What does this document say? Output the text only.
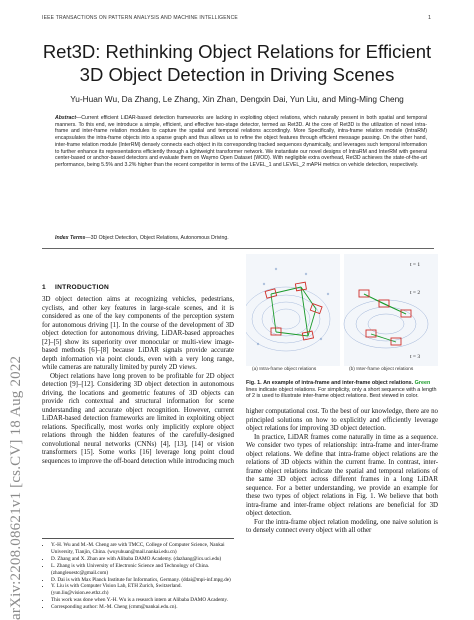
IEEE TRANSACTIONS ON PATTERN ANALYSIS AND MACHINE INTELLIGENCE	1
Ret3D: Rethinking Object Relations for Efficient
3D Object Detection in Driving Scenes
Yu-Huan Wu, Da Zhang, Le Zhang, Xin Zhan, Dengxin Dai, Yun Liu, and Ming-Ming Cheng
Abstract—Current efficient LiDAR-based detection frameworks are lacking in exploiting object relations, which naturally present in both spatial and temporal manners. To this end, we introduce a simple, efficient, and effective two-stage detector, termed as Ret3D. At the core of Ret3D is the utilization of novel intra-frame and inter-frame relation modules to capture the spatial and temporal relations accordingly. More Specifically, intra-frame relation module (IntraRM) encapsulates the intra-frame objects into a sparse graph and thus allows us to refine the object features through efficient message passing. On the other hand, inter-frame relation module (InterRM) densely connects each object in its corresponding tracked sequences dynamically, and leverages such temporal information to further enhance its representations efficiently through a lightweight transformer network. We instantiate our novel designs of IntraRM and InterRM with general center-based or anchor-based detectors and evaluate them on Waymo Open Dataset (WOD). With negligible extra overhead, Ret3D achieves the state-of-the-art performance, being 5.5% and 3.2% higher than the recent competitor in terms of the LEVEL_1 and LEVEL_2 mAPH metrics on vehicle detection, respectively.
Index Terms—3D Object Detection, Object Relations, Autonomous Driving.
arXiv:2208.08621v1 [cs.CV] 18 Aug 2022
1 INTRODUCTION

3D object detection aims at recognizing vehicles, pedestrians, cyclists, and other key features in large-scale scenes, and it is considered as one of the key components of the perception system for autonomous driving [1]. In the course of the development of 3D object detection for autonomous driving, LiDAR-based approaches [2]–[5] show its superiority over monocular or multi-view image-based methods [6]–[8] because LiDAR signals provide accurate depth information via point clouds, even with a very long range, while cameras are naturally limited by purely 2D views.

Object relations have long proven to be profitable for 2D object detection [9]–[12]. Considering 3D object detection in autonomous driving, the locations and geometric features of 3D objects can provide rich contextual and structural information for scene understanding and accurate object recognition. However, current LiDAR-based detection frameworks are limited in exploiting object relations. Specifically, most works only implicitly explore object relations through the hidden features of the carefully-designed convolutional neural networks (CNNs) [4], [13], [14] or vision transformers [15]. Some works [16] leverage long point cloud sequences to improve the off-board detection while introducing much

• Y.-H. Wu and M.-M. Cheng are with TMCC, College of Computer Science, Nankai University, Tianjin, China. (wuyuhuan@mail.nankai.edu.cn)
• D. Zhang and X. Zhan are with Alibaba DAMO Academy. (dazhang@ics.uci.edu)
• L. Zhang is with University of Electronic Science and Technology of China. (zhangleuestc@gmail.com)
• D. Dai is with Max Planck Institute for Informatics, Germany. (ddai@mpi-inf.mpg.de)
• Y. Liu is with Computer Vision Lab, ETH Zurich, Switzerland. (yun.liu@vision.ee.ethz.ch)
• This work was done when Y.-H. Wu is a research intern at Alibaba DAMO Academy.
• Corresponding author: M.-M. Cheng (cmm@nankai.edu.cn).
t = 1
t = 2
t = 3
(a) Intra-frame object relations	(b) Inter-frame object relations
Fig. 1. An example of intra-frame and inter-frame object relations. Green lines indicate object relations. For simplicity, only a short sequence with a length of 2 is used to illustrate inter-frame object relations. Best viewed in color.

higher computational cost. To the best of our knowledge, there are no principled solutions on how to explicitly and efficiently leverage object relations for improving 3D object detection.

In practice, LiDAR frames come naturally in time as a sequence. We consider two types of relationship: intra-frame and inter-frame object relations. We define that intra-frame object relations are the relations of 3D objects within the current frame. In contrast, inter-frame object relations indicate the spatial and temporal relations of the same 3D object across different frames in a long LiDAR sequence. For a better understanding, we provide an example for these two types of object relations in Fig. 1. We believe that both intra-frame and inter-frame object relations are beneficial for 3D object detection.

For the intra-frame object relation modeling, one naive solution is to densely connect every object with all other
